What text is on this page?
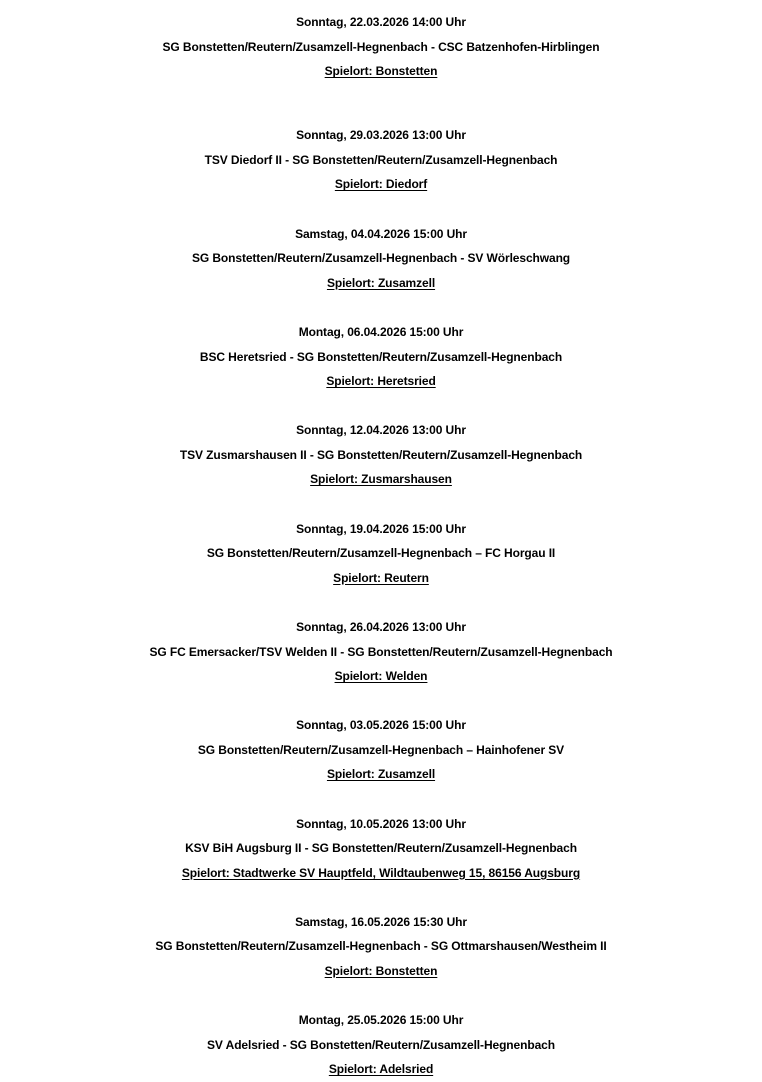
Sonntag, 22.03.2026 14:00 Uhr
SG Bonstetten/Reutern/Zusamzell-Hegnenbach - CSC Batzenhofen-Hirblingen
Spielort: Bonstetten
Sonntag, 29.03.2026 13:00 Uhr
TSV Diedorf II - SG Bonstetten/Reutern/Zusamzell-Hegnenbach
Spielort: Diedorf
Samstag, 04.04.2026 15:00 Uhr
SG Bonstetten/Reutern/Zusamzell-Hegnenbach - SV Wörleschwang
Spielort: Zusamzell
Montag, 06.04.2026 15:00 Uhr
BSC Heretsried - SG Bonstetten/Reutern/Zusamzell-Hegnenbach
Spielort: Heretsried
Sonntag, 12.04.2026 13:00 Uhr
TSV Zusmarshausen II - SG Bonstetten/Reutern/Zusamzell-Hegnenbach
Spielort: Zusmarshausen
Sonntag, 19.04.2026 15:00 Uhr
SG Bonstetten/Reutern/Zusamzell-Hegnenbach – FC Horgau II
Spielort: Reutern
Sonntag, 26.04.2026 13:00 Uhr
SG FC Emersacker/TSV Welden II - SG Bonstetten/Reutern/Zusamzell-Hegnenbach
Spielort: Welden
Sonntag, 03.05.2026 15:00 Uhr
SG Bonstetten/Reutern/Zusamzell-Hegnenbach – Hainhofener SV
Spielort: Zusamzell
Sonntag, 10.05.2026 13:00 Uhr
KSV BiH Augsburg II - SG Bonstetten/Reutern/Zusamzell-Hegnenbach
Spielort: Stadtwerke SV Hauptfeld, Wildtaubenweg 15, 86156 Augsburg
Samstag, 16.05.2026 15:30 Uhr
SG Bonstetten/Reutern/Zusamzell-Hegnenbach - SG Ottmarshausen/Westheim II
Spielort: Bonstetten
Montag, 25.05.2026 15:00 Uhr
SV Adelsried - SG Bonstetten/Reutern/Zusamzell-Hegnenbach
Spielort: Adelsried
